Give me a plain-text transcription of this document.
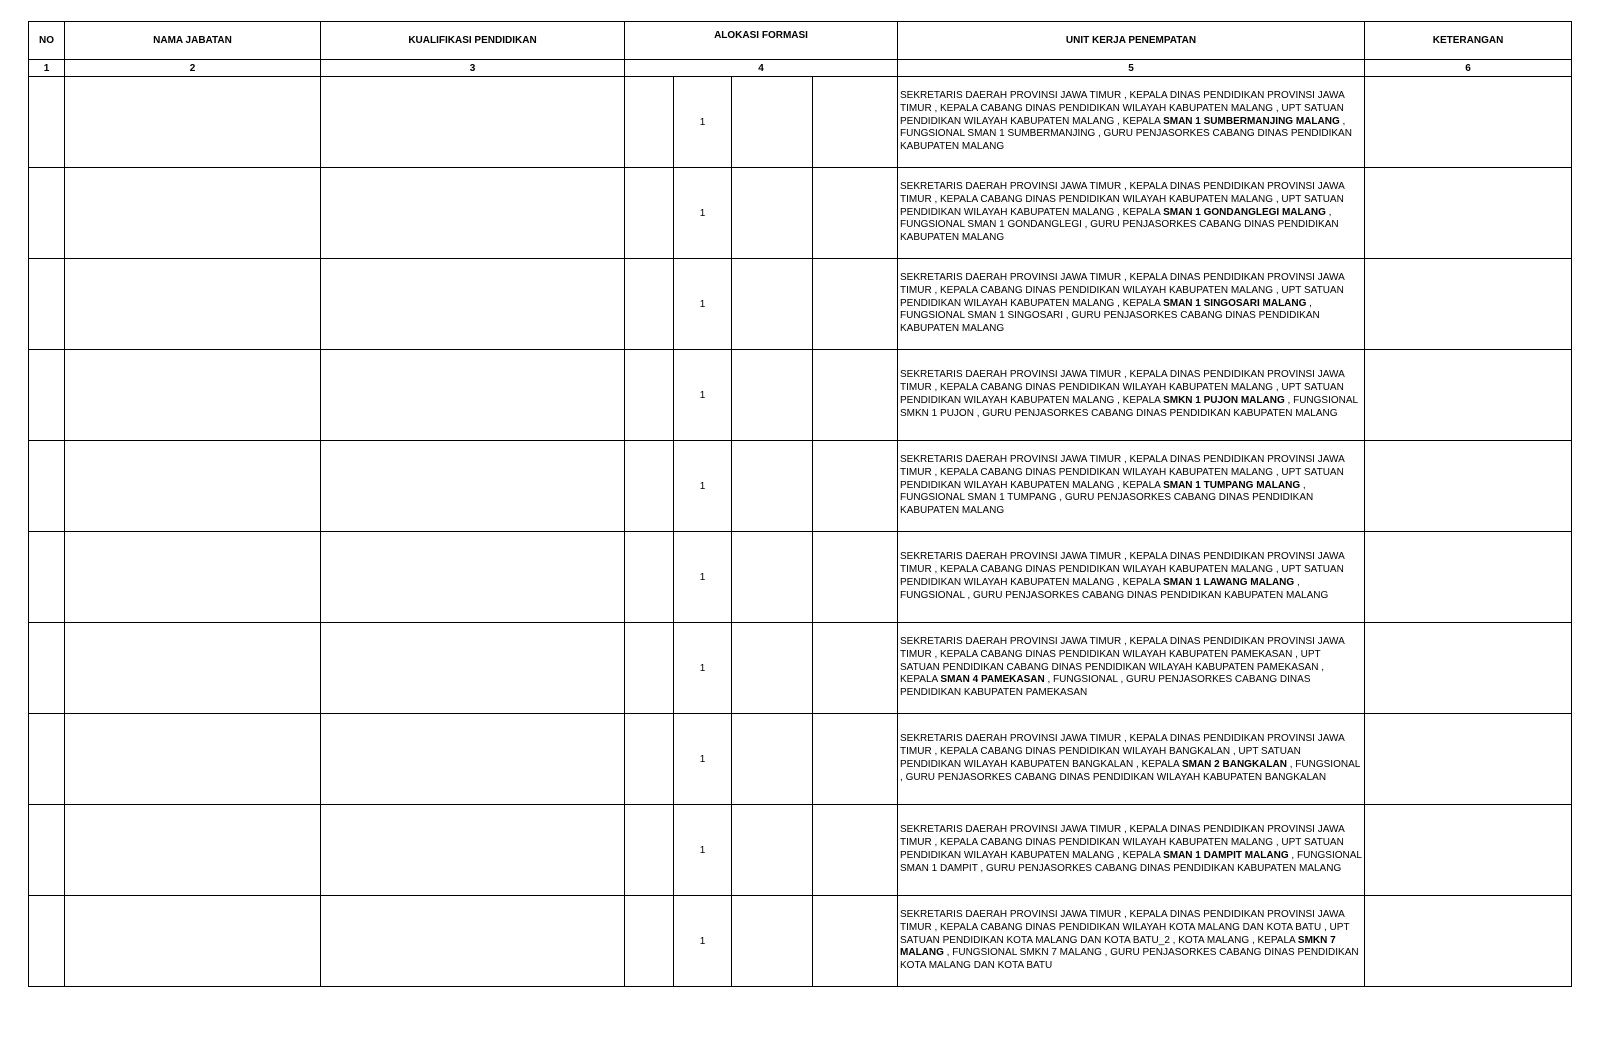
NO	NAMA JABATAN	KUALIFIKASI PENDIDIKAN	ALOKASI FORMASI				UNIT KERJA PENEMPATAN	KETERANGAN
1	2	3	4				5	6
				1			SEKRETARIS DAERAH PROVINSI JAWA TIMUR , KEPALA DINAS PENDIDIKAN PROVINSI JAWA TIMUR , KEPALA CABANG DINAS PENDIDIKAN WILAYAH KABUPATEN MALANG , UPT SATUAN PENDIDIKAN WILAYAH KABUPATEN MALANG , KEPALA SMAN 1 SUMBERMANJING MALANG , FUNGSIONAL SMAN 1 SUMBERMANJING , GURU PENJASORKES CABANG DINAS PENDIDIKAN KABUPATEN MALANG	
				1			SEKRETARIS DAERAH PROVINSI JAWA TIMUR , KEPALA DINAS PENDIDIKAN PROVINSI JAWA TIMUR , KEPALA CABANG DINAS PENDIDIKAN WILAYAH KABUPATEN MALANG , UPT SATUAN PENDIDIKAN WILAYAH KABUPATEN MALANG , KEPALA SMAN 1 GONDANGLEGI MALANG , FUNGSIONAL SMAN 1 GONDANGLEGI , GURU PENJASORKES CABANG DINAS PENDIDIKAN KABUPATEN MALANG	
				1			SEKRETARIS DAERAH PROVINSI JAWA TIMUR , KEPALA DINAS PENDIDIKAN PROVINSI JAWA TIMUR , KEPALA CABANG DINAS PENDIDIKAN WILAYAH KABUPATEN MALANG , UPT SATUAN PENDIDIKAN WILAYAH KABUPATEN MALANG , KEPALA SMAN 1 SINGOSARI MALANG , FUNGSIONAL SMAN 1 SINGOSARI , GURU PENJASORKES CABANG DINAS PENDIDIKAN KABUPATEN MALANG	
				1			SEKRETARIS DAERAH PROVINSI JAWA TIMUR , KEPALA DINAS PENDIDIKAN PROVINSI JAWA TIMUR , KEPALA CABANG DINAS PENDIDIKAN WILAYAH KABUPATEN MALANG , UPT SATUAN PENDIDIKAN WILAYAH KABUPATEN MALANG , KEPALA SMKN 1 PUJON MALANG , FUNGSIONAL SMKN 1 PUJON , GURU PENJASORKES CABANG DINAS PENDIDIKAN KABUPATEN MALANG	
				1			SEKRETARIS DAERAH PROVINSI JAWA TIMUR , KEPALA DINAS PENDIDIKAN PROVINSI JAWA TIMUR , KEPALA CABANG DINAS PENDIDIKAN WILAYAH KABUPATEN MALANG , UPT SATUAN PENDIDIKAN WILAYAH KABUPATEN MALANG , KEPALA SMAN 1 TUMPANG MALANG , FUNGSIONAL SMAN 1 TUMPANG , GURU PENJASORKES CABANG DINAS PENDIDIKAN KABUPATEN MALANG	
				1			SEKRETARIS DAERAH PROVINSI JAWA TIMUR , KEPALA DINAS PENDIDIKAN PROVINSI JAWA TIMUR , KEPALA CABANG DINAS PENDIDIKAN WILAYAH KABUPATEN MALANG , UPT SATUAN PENDIDIKAN WILAYAH KABUPATEN MALANG , KEPALA SMAN 1 LAWANG MALANG , FUNGSIONAL , GURU PENJASORKES CABANG DINAS PENDIDIKAN KABUPATEN MALANG	
				1			SEKRETARIS DAERAH PROVINSI JAWA TIMUR , KEPALA DINAS PENDIDIKAN PROVINSI JAWA TIMUR , KEPALA CABANG DINAS PENDIDIKAN WILAYAH KABUPATEN PAMEKASAN , UPT SATUAN PENDIDIKAN CABANG DINAS PENDIDIKAN WILAYAH KABUPATEN PAMEKASAN , KEPALA SMAN 4 PAMEKASAN , FUNGSIONAL , GURU PENJASORKES CABANG DINAS PENDIDIKAN KABUPATEN PAMEKASAN	
				1			SEKRETARIS DAERAH PROVINSI JAWA TIMUR , KEPALA DINAS PENDIDIKAN PROVINSI JAWA TIMUR , KEPALA CABANG DINAS PENDIDIKAN WILAYAH BANGKALAN , UPT SATUAN PENDIDIKAN WILAYAH KABUPATEN BANGKALAN , KEPALA SMAN 2 BANGKALAN , FUNGSIONAL , GURU PENJASORKES CABANG DINAS PENDIDIKAN WILAYAH KABUPATEN BANGKALAN	
				1			SEKRETARIS DAERAH PROVINSI JAWA TIMUR , KEPALA DINAS PENDIDIKAN PROVINSI JAWA TIMUR , KEPALA CABANG DINAS PENDIDIKAN WILAYAH KABUPATEN MALANG , UPT SATUAN PENDIDIKAN WILAYAH KABUPATEN MALANG , KEPALA SMAN 1 DAMPIT MALANG , FUNGSIONAL SMAN 1 DAMPIT , GURU PENJASORKES CABANG DINAS PENDIDIKAN KABUPATEN MALANG	
				1			SEKRETARIS DAERAH PROVINSI JAWA TIMUR , KEPALA DINAS PENDIDIKAN PROVINSI JAWA TIMUR , KEPALA CABANG DINAS PENDIDIKAN WILAYAH KOTA MALANG DAN KOTA BATU , UPT SATUAN PENDIDIKAN KOTA MALANG DAN KOTA BATU_2 , KOTA MALANG , KEPALA SMKN 7 MALANG , FUNGSIONAL SMKN 7 MALANG , GURU PENJASORKES CABANG DINAS PENDIDIKAN KOTA MALANG DAN KOTA BATU	
